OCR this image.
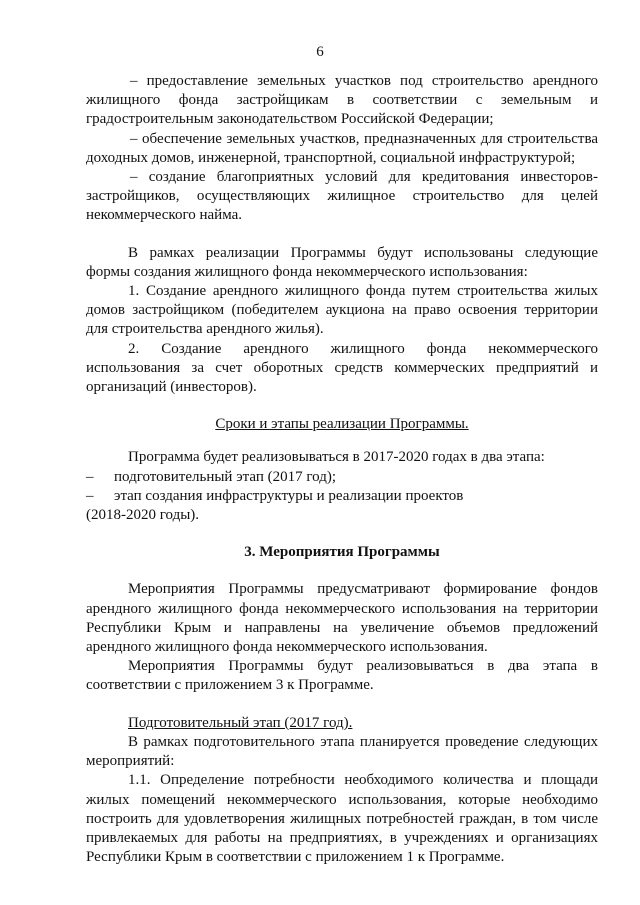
6

– предоставление земельных участков под строительство арендного жилищного фонда застройщикам в соответствии с земельным и градостроительным законодательством Российской Федерации;

– обеспечение земельных участков, предназначенных для строительства доходных домов, инженерной, транспортной, социальной инфраструктурой;

– создание благоприятных условий для кредитования инвесторов-застройщиков, осуществляющих жилищное строительство для целей некоммерческого найма.

В рамках реализации Программы будут использованы следующие формы создания жилищного фонда некоммерческого использования:

1. Создание арендного жилищного фонда путем строительства жилых домов застройщиком (победителем аукциона на право освоения территории для строительства арендного жилья).

2. Создание арендного жилищного фонда некоммерческого использования за счет оборотных средств коммерческих предприятий и организаций (инвесторов).

Сроки и этапы реализации Программы.

Программа будет реализовываться в 2017-2020 годах в два этапа:

–	подготовительный этап (2017 год);
–	этап создания инфраструктуры и реализации проектов

(2018-2020 годы).

3. Мероприятия Программы

Мероприятия Программы предусматривают формирование фондов арендного жилищного фонда некоммерческого использования на территории Республики Крым и направлены на увеличение объемов предложений арендного жилищного фонда некоммерческого использования.

Мероприятия Программы будут реализовываться в два этапа в соответствии с приложением 3 к Программе.

Подготовительный этап (2017 год).

В рамках подготовительного этапа планируется проведение следующих мероприятий:

1.1. Определение потребности необходимого количества и площади жилых помещений некоммерческого использования, которые необходимо построить для удовлетворения жилищных потребностей граждан, в том числе привлекаемых для работы на предприятиях, в учреждениях и организациях Республики Крым в соответствии с приложением 1 к Программе.
